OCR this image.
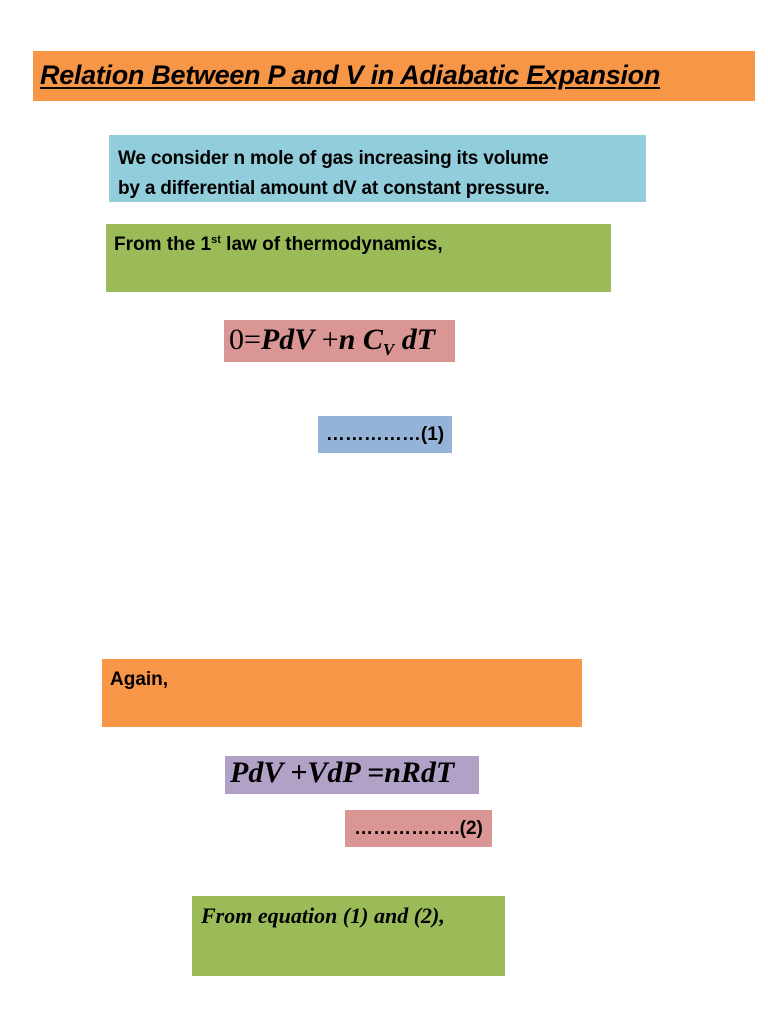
Relation Between P and V in Adiabatic Expansion
We consider n mole of gas increasing its volume
by a differential amount dV at constant pressure.
From the 1st law of thermodynamics,
0=PdV +n $C_V$ dT
……………(1)
Again,
PdV +VdP =nRdT
……………..(2)
From equation (1) and (2),
